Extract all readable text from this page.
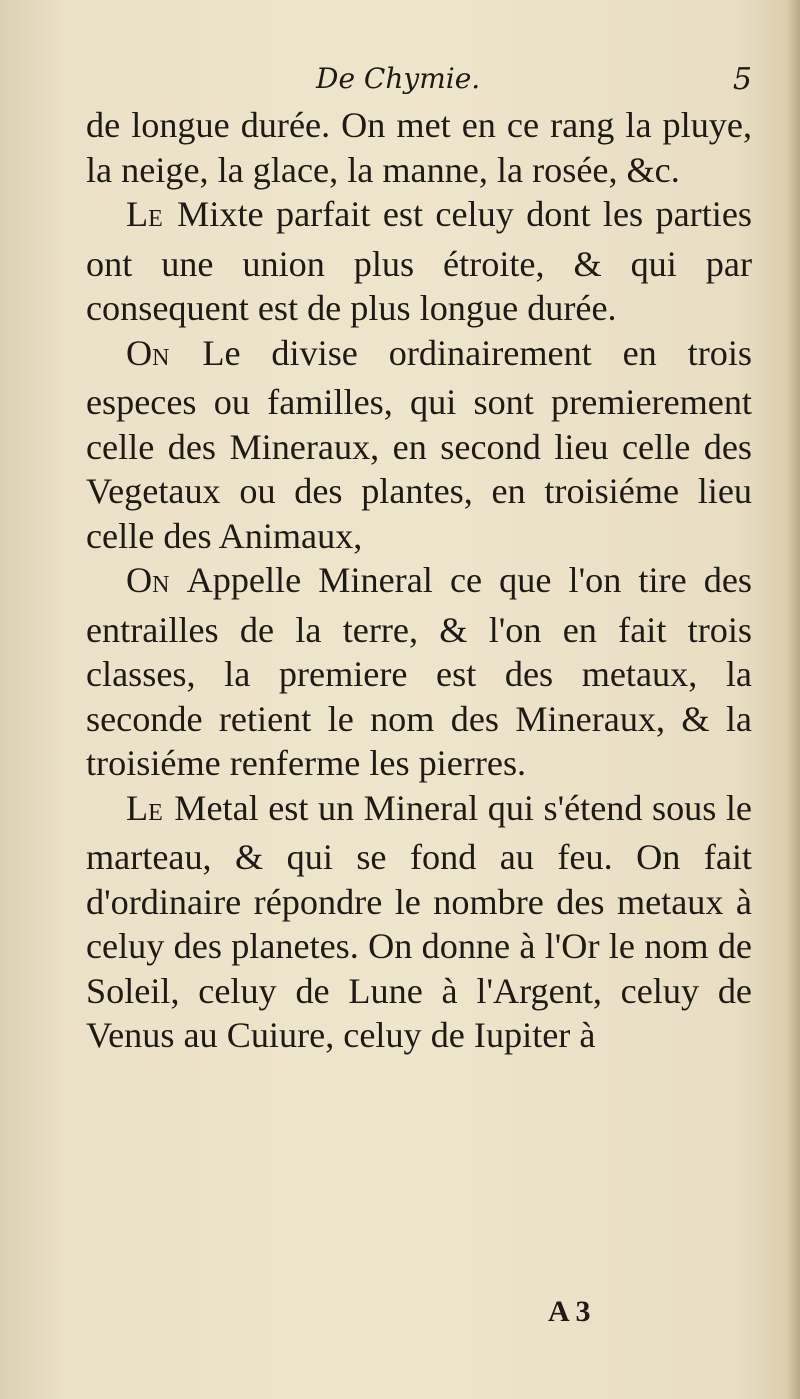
De Chymie.	5

de longue durée. On met en ce rang la pluye, la neige, la glace, la manne, la rosée, &c.

LE Mixte parfait est celuy dont les parties ont une union plus étroite, & qui par consequent est de plus longue durée.

ON Le divise ordinairement en trois especes ou familles, qui sont premierement celle des Mineraux, en second lieu celle des Vegetaux ou des plantes, en troisiéme lieu celle des Animaux,

ON Appelle Mineral ce que l'on tire des entrailles de la terre, & l'on en fait trois classes, la premiere est des metaux, la seconde retient le nom des Mineraux, & la troisiéme renferme les pierres.

LE Metal est un Mineral qui s'étend sous le marteau, & qui se fond au feu. On fait d'ordinaire répondre le nombre des metaux à celuy des planetes. On donne à l'Or le nom de Soleil, celuy de Lune à l'Argent, celuy de Venus au Cuiure, celuy de Iupiter à

A 3
